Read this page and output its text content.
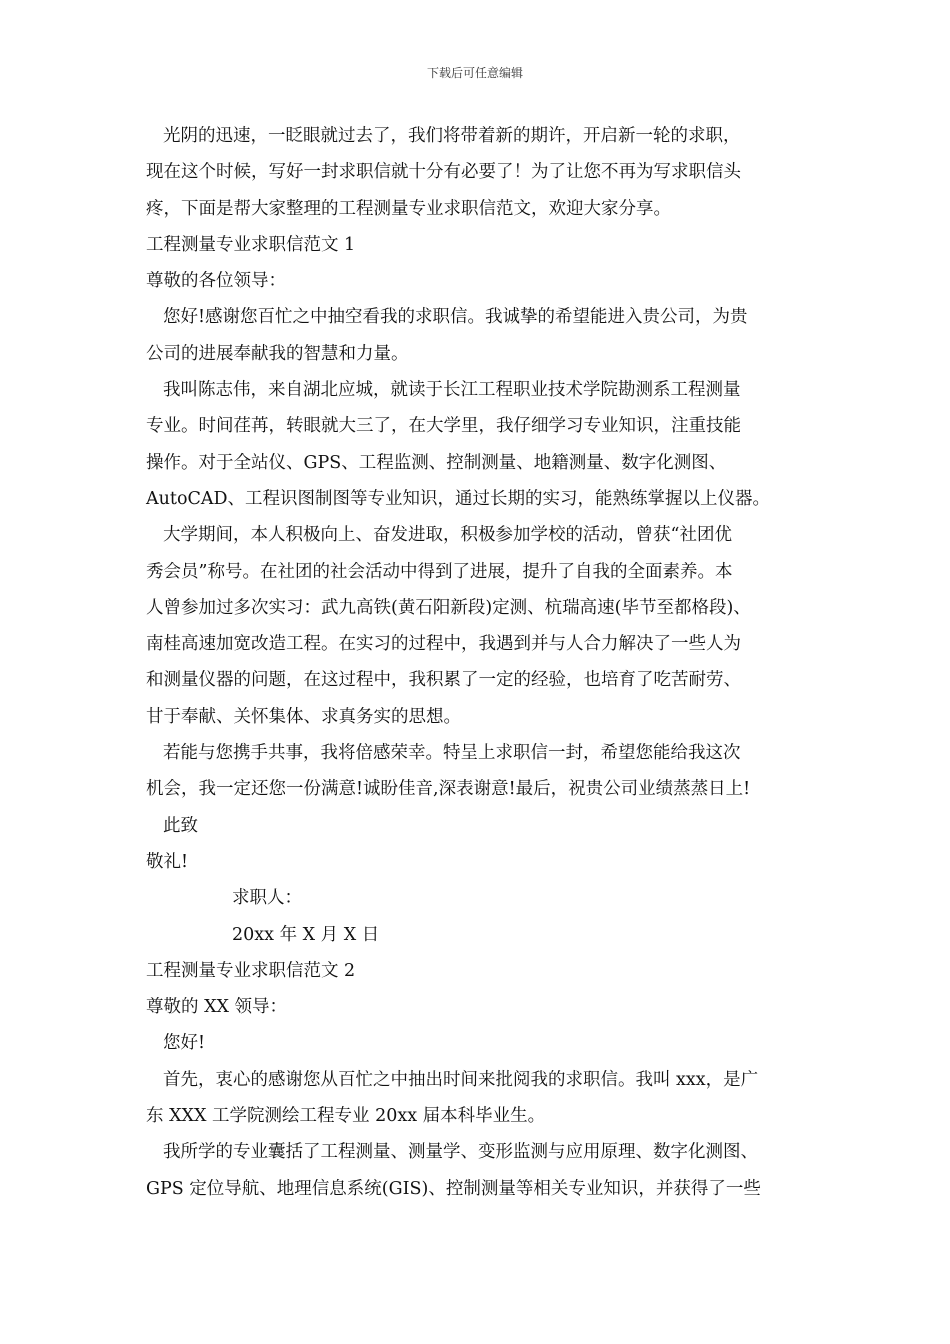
下载后可任意编辑
光阴的迅速，一眨眼就过去了，我们将带着新的期许，开启新一轮的求职，
现在这个时候，写好一封求职信就十分有必要了！为了让您不再为写求职信头
疼，下面是帮大家整理的工程测量专业求职信范文，欢迎大家分享。
工程测量专业求职信范文 1
尊敬的各位领导：
您好!感谢您百忙之中抽空看我的求职信。我诚挚的希望能进入贵公司，为贵
公司的进展奉献我的智慧和力量。
我叫陈志伟，来自湖北应城，就读于长江工程职业技术学院勘测系工程测量
专业。时间荏苒，转眼就大三了，在大学里，我仔细学习专业知识，注重技能
操作。对于全站仪、GPS、工程监测、控制测量、地籍测量、数字化测图、
AutoCAD、工程识图制图等专业知识，通过长期的实习，能熟练掌握以上仪器。
大学期间，本人积极向上、奋发进取，积极参加学校的活动，曾获“社团优
秀会员”称号。在社团的社会活动中得到了进展，提升了自我的全面素养。本
人曾参加过多次实习：武九高铁(黄石阳新段)定测、杭瑞高速(毕节至都格段)、
南桂高速加宽改造工程。在实习的过程中，我遇到并与人合力解决了一些人为
和测量仪器的问题，在这过程中，我积累了一定的经验，也培育了吃苦耐劳、
甘于奉献、关怀集体、求真务实的思想。
若能与您携手共事，我将倍感荣幸。特呈上求职信一封，希望您能给我这次
机会，我一定还您一份满意!诚盼佳音,深表谢意!最后，祝贵公司业绩蒸蒸日上!
此致
敬礼!
求职人：
20xx 年 X 月 X 日
工程测量专业求职信范文 2
尊敬的 XX 领导：
您好!
首先，衷心的感谢您从百忙之中抽出时间来批阅我的求职信。我叫 xxx，是广
东 XXX 工学院测绘工程专业 20xx 届本科毕业生。
我所学的专业囊括了工程测量、测量学、变形监测与应用原理、数字化测图、
GPS 定位导航、地理信息系统(GIS)、控制测量等相关专业知识，并获得了一些
